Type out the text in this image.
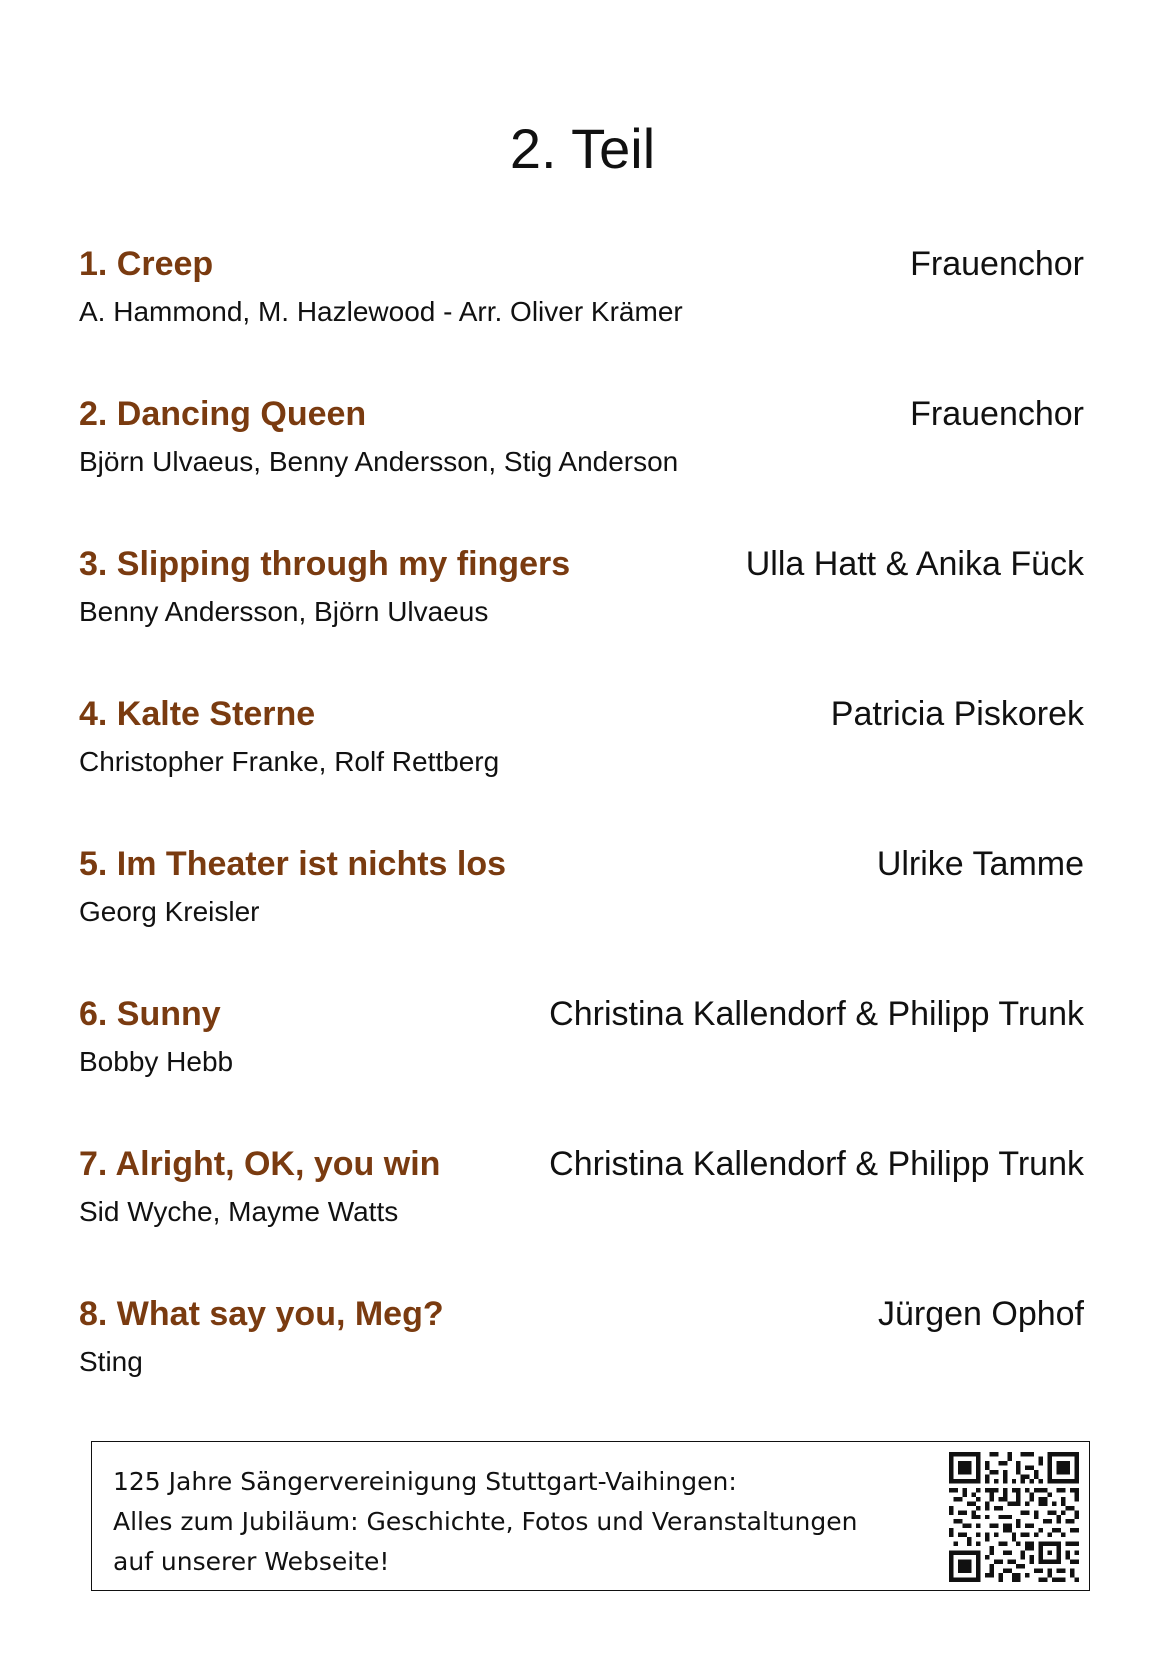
2. Teil
1. Creep	Frauenchor
A. Hammond, M. Hazlewood - Arr. Oliver Krämer
2. Dancing Queen	Frauenchor
Björn Ulvaeus, Benny Andersson, Stig Anderson
3. Slipping through my fingers	Ulla Hatt & Anika Fück
Benny Andersson, Björn Ulvaeus
4. Kalte Sterne	Patricia Piskorek
Christopher Franke, Rolf Rettberg
5. Im Theater ist nichts los	Ulrike Tamme
Georg Kreisler
6. Sunny	Christina Kallendorf & Philipp Trunk
Bobby Hebb
7. Alright, OK, you win	Christina Kallendorf & Philipp Trunk
Sid Wyche, Mayme Watts
8. What say you, Meg?	Jürgen Ophof
Sting
125 Jahre Sängervereinigung Stuttgart-Vaihingen:
Alles zum Jubiläum: Geschichte, Fotos und Veranstaltungen
auf unserer Webseite!
